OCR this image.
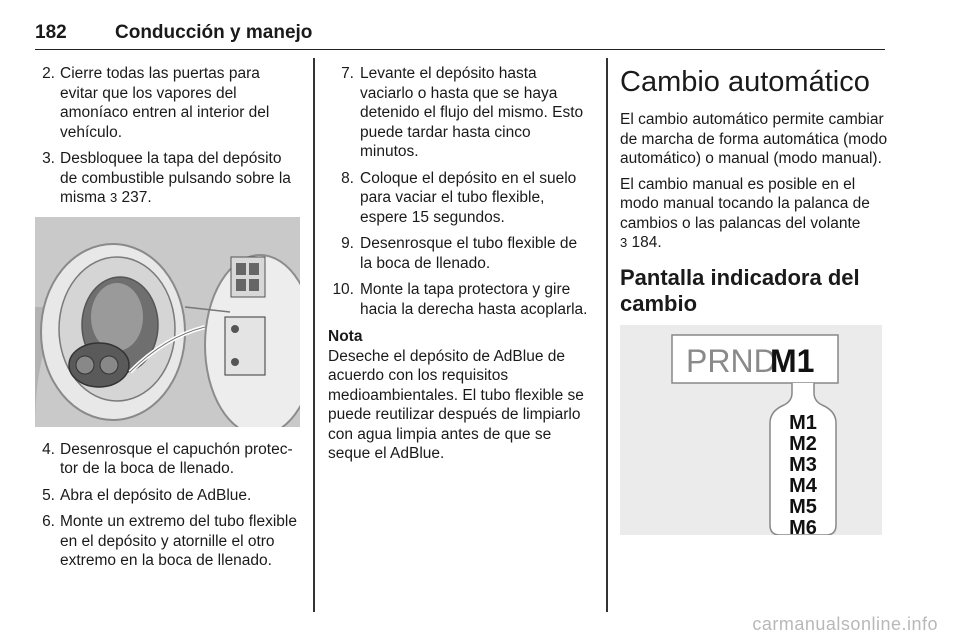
182	Conducción y manejo
2. Cierre todas las puertas para evitar que los vapores del amoníaco entren al interior del vehículo.
3. Desbloquee la tapa del depósito de combustible pulsando sobre la misma 3 237.
4. Desenrosque el capuchón protector de la boca de llenado.
5. Abra el depósito de AdBlue.
6. Monte un extremo del tubo flexible en el depósito y atornille el otro extremo en la boca de llenado.
7. Levante el depósito hasta vaciarlo o hasta que se haya detenido el flujo del mismo. Esto puede tardar hasta cinco minutos.
8. Coloque el depósito en el suelo para vaciar el tubo flexible, espere 15 segundos.
9. Desenrosque el tubo flexible de la boca de llenado.
10. Monte la tapa protectora y gire hacia la derecha hasta acoplarla.
Nota
Deseche el depósito de AdBlue de acuerdo con los requisitos medioambientales. El tubo flexible se puede reutilizar después de limpiarlo con agua limpia antes de que se seque el AdBlue.
Cambio automático

El cambio automático permite cambiar de marcha de forma automática (modo automático) o manual (modo manual).

El cambio manual es posible en el modo manual tocando la palanca de cambios o las palancas del volante
3 184.

Pantalla indicadora del cambio
PRND
M1
M1
M2
M3
M4
M5
M6
carmanualsonline.info
